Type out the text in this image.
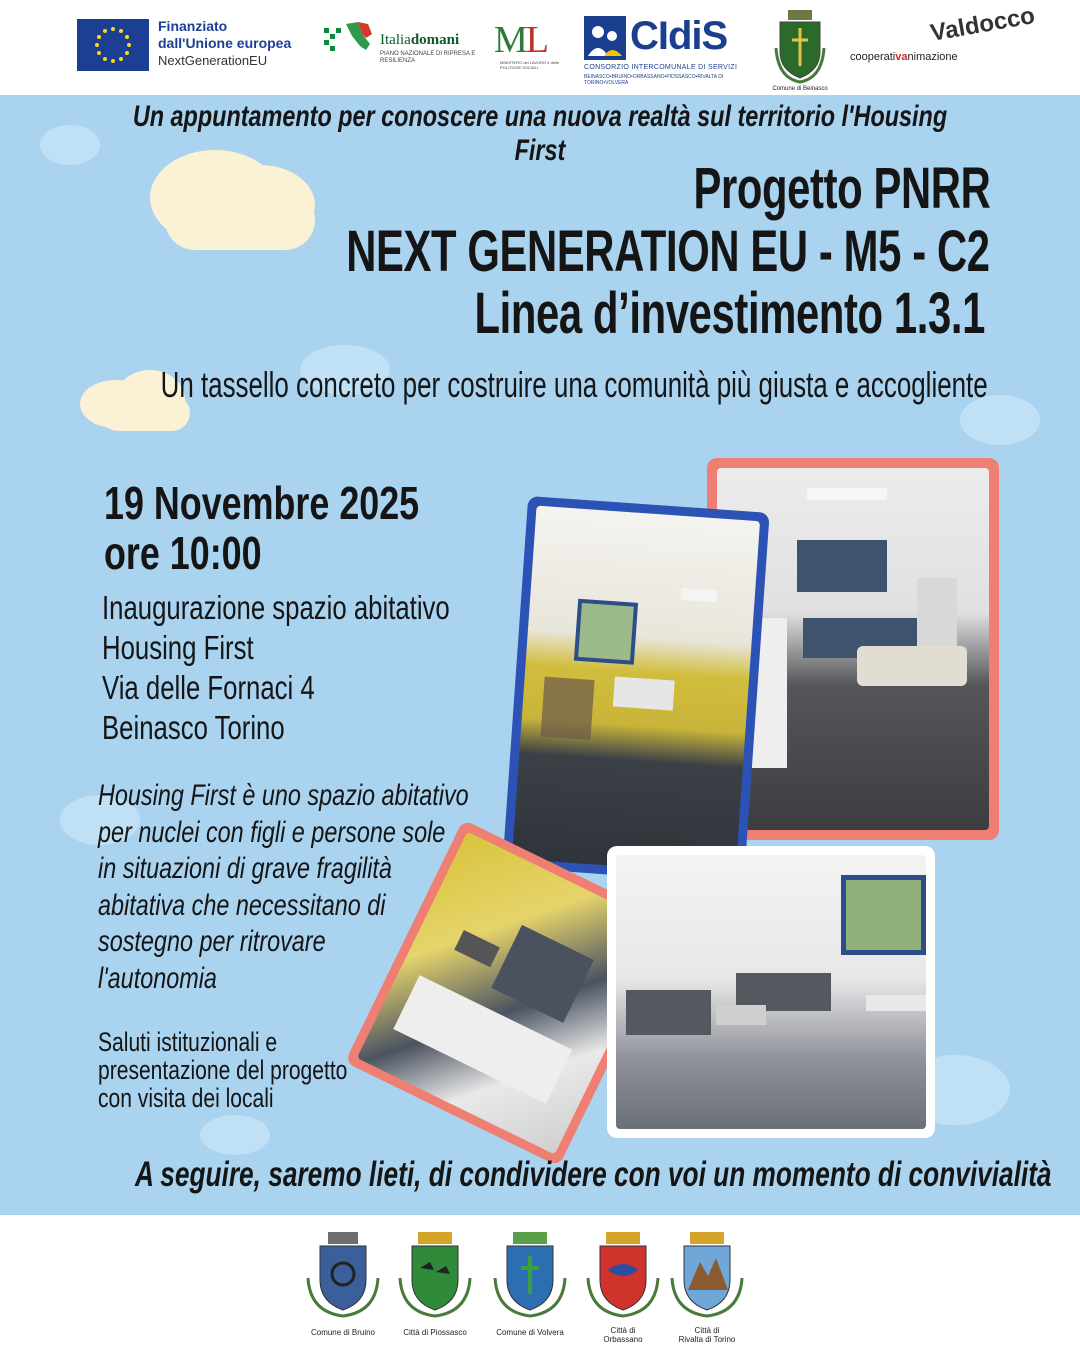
Finanziato
dall'Unione europea
NextGenerationEU
Italiadomani
PIANO NAZIONALE DI RIPRESA E RESILIENZA	ML
MINISTERO del LAVORO e delle POLITICHE SOCIALI
CIdiS
CONSORZIO INTERCOMUNALE DI SERVIZI
BEINASCO•BRUINO•ORBASSANO•PIOSSASCO•RIVALTA DI TORINO•VOLVERA
Comune di Beinasco
Valdocco
cooperativanimazione
Un appuntamento per conoscere una nuova realtà sul territorio l'Housing First
Progetto PNRR
NEXT GENERATION EU - M5 - C2
Linea d’investimento 1.3.1
Un tassello concreto per costruire una comunità più giusta e accogliente
19 Novembre 2025
ore 10:00
Inaugurazione spazio abitativo
Housing First
Via delle Fornaci 4
Beinasco Torino
Housing First è uno spazio abitativo
per nuclei con figli e persone sole
in situazioni di grave fragilità
abitativa che necessitano di
sostegno per ritrovare
l'autonomia
Saluti istituzionali e
presentazione del progetto
con visita dei locali
A seguire, saremo lieti, di condividere con voi un momento di convivialità
Comune di Bruino	Città di Piossasco	Comune di Volvera	Città di
Orbassano
Città di
Rivalta di Torino
